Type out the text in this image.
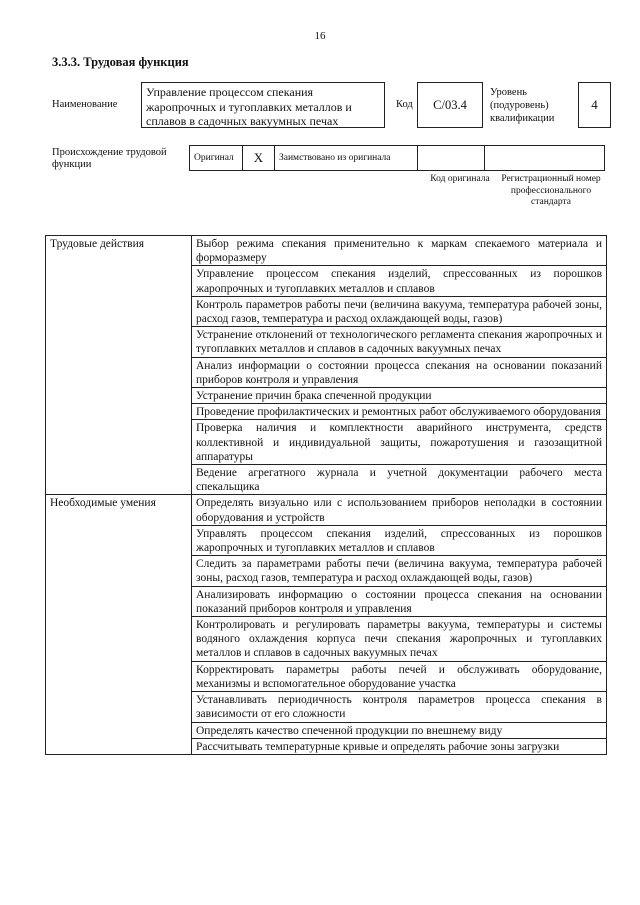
16
3.3.3. Трудовая функция
Наименование
Управление процессом спекания жаропрочных и тугоплавких металлов и сплавов в садочных вакуумных печах
Код	С/03.4
Уровень (подуровень) квалификации
4
Происхождение трудовой функции
Оригинал	X	Заимствовано из оригинала
Код оригинала	Регистрационный номер профессионального стандарта
Трудовые действия	Выбор режима спекания применительно к маркам спекаемого материала и форморазмеру
	Управление процессом спекания изделий, спрессованных из порошков жаропрочных и тугоплавких металлов и сплавов
	Контроль параметров работы печи (величина вакуума, температура рабочей зоны, расход газов, температура и расход охлаждающей воды, газов)
	Устранение отклонений от технологического регламента спекания жаропрочных и тугоплавких металлов и сплавов в садочных вакуумных печах
	Анализ информации о состоянии процесса спекания на основании показаний приборов контроля и управления
	Устранение причин брака спеченной продукции
	Проведение профилактических и ремонтных работ обслуживаемого оборудования
	Проверка наличия и комплектности аварийного инструмента, средств коллективной и индивидуальной защиты, пожаротушения и газозащитной аппаратуры
	Ведение агрегатного журнала и учетной документации рабочего места спекальщика
Необходимые умения	Определять визуально или с использованием приборов неполадки в состоянии оборудования и устройств
	Управлять процессом спекания изделий, спрессованных из порошков жаропрочных и тугоплавких металлов и сплавов
	Следить за параметрами работы печи (величина вакуума, температура рабочей зоны, расход газов, температура и расход охлаждающей воды, газов)
	Анализировать информацию о состоянии процесса спекания на основании показаний приборов контроля и управления
	Контролировать и регулировать параметры вакуума, температуры и системы водяного охлаждения корпуса печи спекания жаропрочных и тугоплавких металлов и сплавов в садочных вакуумных печах
	Корректировать параметры работы печей и обслуживать оборудование, механизмы и вспомогательное оборудование участка
	Устанавливать периодичность контроля параметров процесса спекания в зависимости от его сложности
	Определять качество спеченной продукции по внешнему виду
	Рассчитывать температурные кривые и определять рабочие зоны загрузки
